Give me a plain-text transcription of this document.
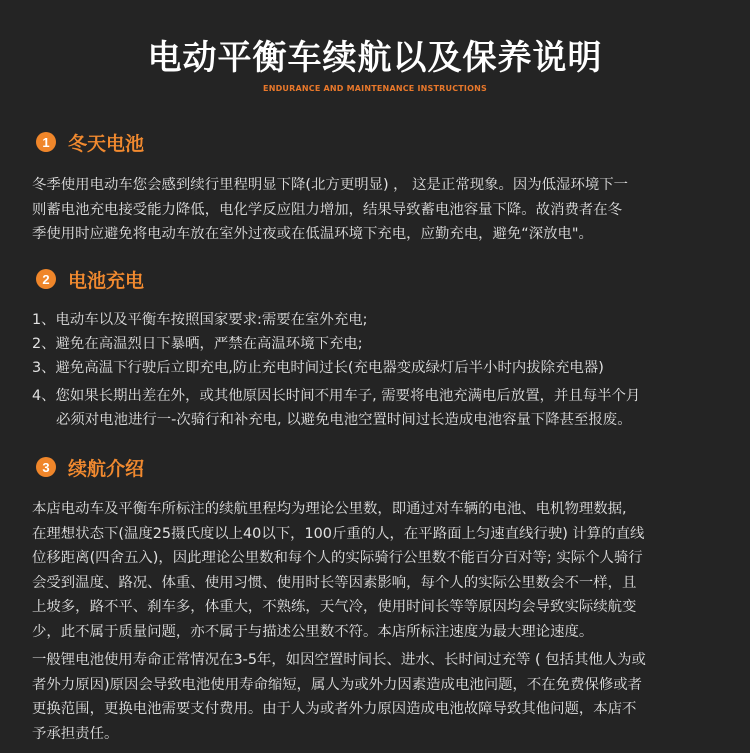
电动平衡车续航以及保养说明
ENDURANCE AND MAINTENANCE INSTRUCTIONS
1 冬天电池
冬季使用电动车您会感到续行里程明显下降(北方更明显) ， 这是正常现象。因为低湿环境下一
则蓄电池充电接受能力降低，电化学反应阻力增加，结果导致蓄电池容量下降。故消费者在冬
季使用时应避免将电动车放在室外过夜或在低温环境下充电，应勤充电，避免“深放电"。
2 电池充电
1、电动车以及平衡车按照国家要求:需要在室外充电;
2、避免在高温烈日下暴晒，严禁在高温环境下充电;
3、避免高温下行驶后立即充电,防止充电时间过长(充电器变成绿灯后半小时内拔除充电器)
4、您如果长期出差在外，或其他原因长时间不用车子, 需要将电池充满电后放置，并且每半个月
必须对电池进行一-次骑行和补充电, 以避免电池空置时间过长造成电池容量下降甚至报废。
3 续航介绍
本店电动车及平衡车所标注的续航里程均为理论公里数，即通过对车辆的电池、电机物理数据,
在理想状态下(温度25摄氏度以上40以下，100斤重的人，在平路面上匀速直线行驶) 计算的直线
位移距离(四舍五入)，因此理论公里数和每个人的实际骑行公里数不能百分百对等; 实际个人骑行
会受到温度、路况、体重、使用习惯、使用时长等因素影响，每个人的实际公里数会不一样，且
上坡多，路不平、刹车多，体重大，不熟练，天气冷，使用时间长等等原因均会导致实际续航变
少，此不属于质量问题，亦不属于与描述公里数不符。本店所标注速度为最大理论速度。
一般锂电池使用寿命正常情况在3-5年，如因空置时间长、进水、长时间过充等 ( 包括其他人为或
者外力原因)原因会导致电池使用寿命缩短，属人为或外力因素造成电池问题，不在免费保修或者
更换范围，更换电池需要支付费用。由于人为或者外力原因造成电池故障导致其他问题，本店不
予承担责任。
